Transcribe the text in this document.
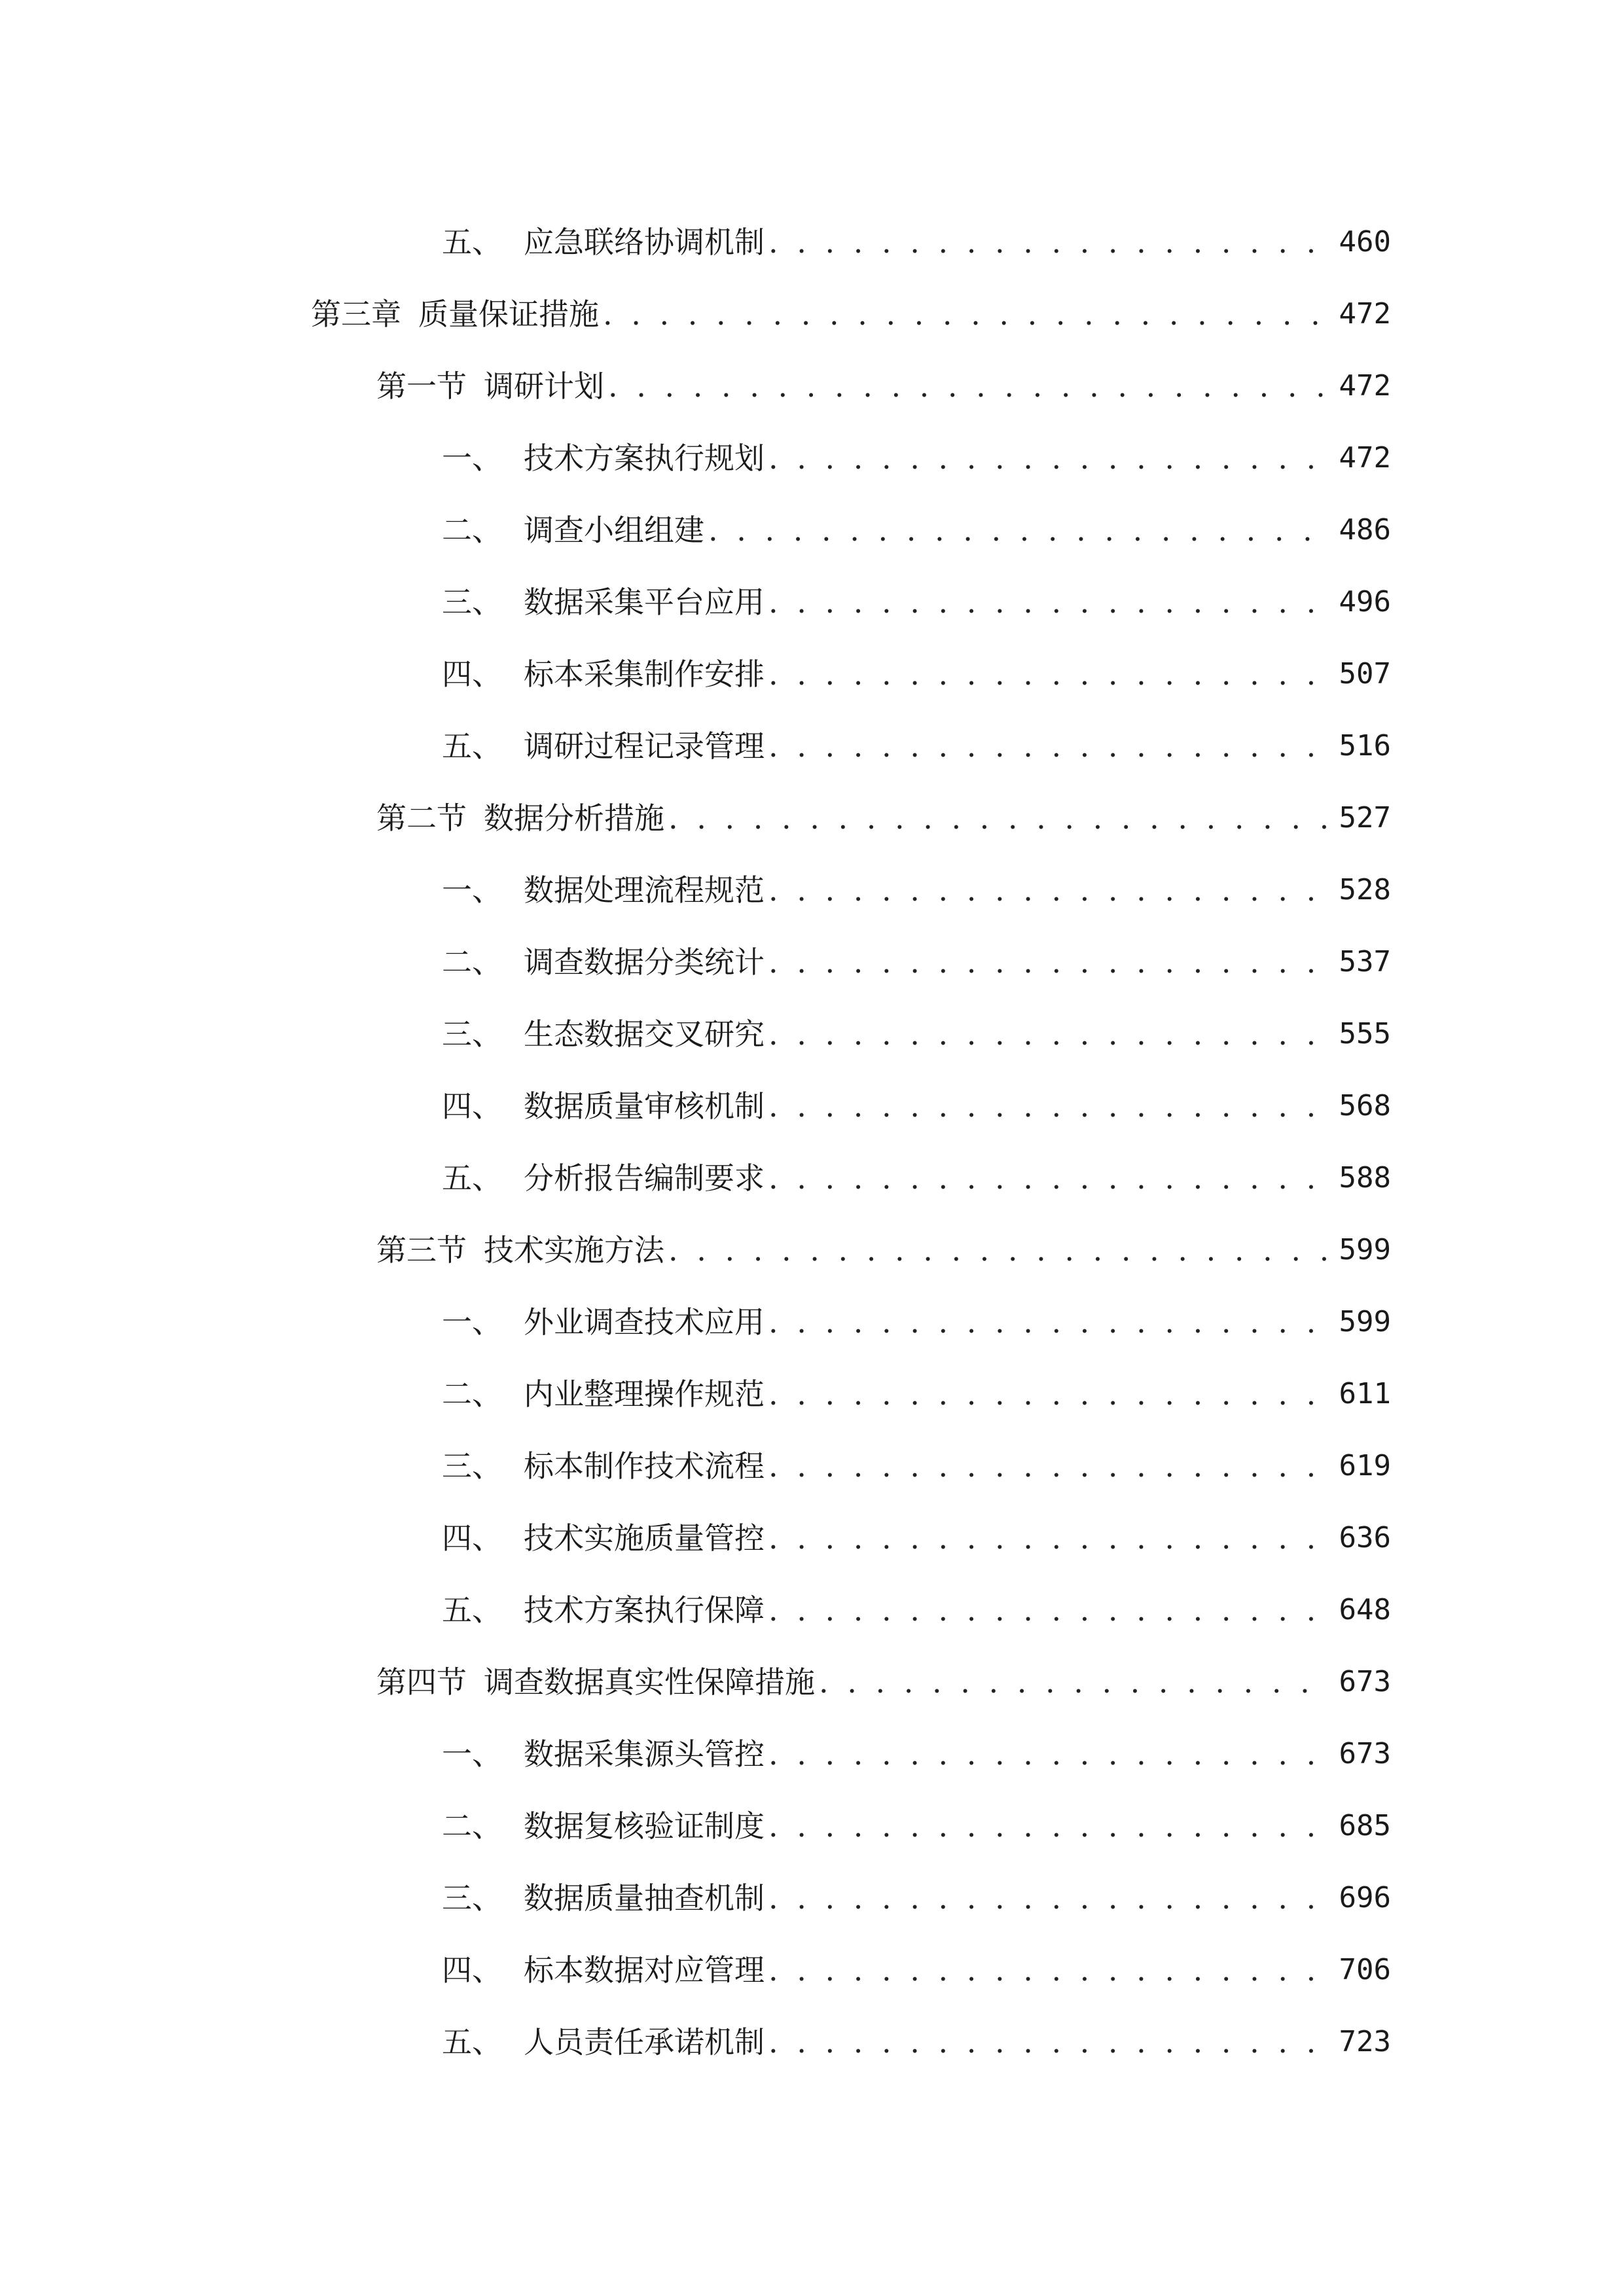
五、 应急联络协调机制 . . .	460
第三章 质量保证措施 . . .	472
第一节 调研计划 . . .	472
一、 技术方案执行规划 . . .	472
二、 调查小组组建 . . .	486
三、 数据采集平台应用 . . .	496
四、 标本采集制作安排 . . .	507
五、 调研过程记录管理 . . .	516
第二节 数据分析措施 . . .	527
一、 数据处理流程规范 . . .	528
二、 调查数据分类统计 . . .	537
三、 生态数据交叉研究 . . .	555
四、 数据质量审核机制 . . .	568
五、 分析报告编制要求 . . .	588
第三节 技术实施方法 . . .	599
一、 外业调查技术应用 . . .	599
二、 内业整理操作规范 . . .	611
三、 标本制作技术流程 . . .	619
四、 技术实施质量管控 . . .	636
五、 技术方案执行保障 . . .	648
第四节 调查数据真实性保障措施 . . .	673
一、 数据采集源头管控 . . .	673
二、 数据复核验证制度 . . .	685
三、 数据质量抽查机制 . . .	696
四、 标本数据对应管理 . . .	706
五、 人员责任承诺机制 . . .	723
